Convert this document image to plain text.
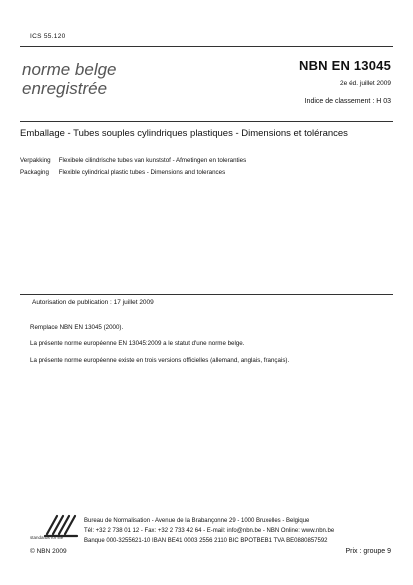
ICS 55.120
norme belge
enregistrée
NBN EN 13045
2e éd. juillet 2009
Indice de classement : H 03
Emballage - Tubes souples cylindriques plastiques - Dimensions et tolérances
Verpakking Flexibele cilindrische tubes van kunststof - Afmetingen en toleranties
Packaging Flexible cylindrical plastic tubes - Dimensions and tolerances
Autorisation de publication : 17 juillet 2009
Remplace NBN EN 13045 (2000).
La présente norme européenne EN 13045:2009 a le statut d'une norme belge.
La présente norme européenne existe en trois versions officielles (allemand, anglais, français).
standards for life
Bureau de Normalisation - Avenue de la Brabançonne 29 - 1000 Bruxelles - Belgique
Tél: +32 2 738 01 12 - Fax: +32 2 733 42 64 - E-mail: info@nbn.be - NBN Online: www.nbn.be
Banque 000-3255621-10 IBAN BE41 0003 2556 2110 BIC BPOTBEB1 TVA BE0880857592
© NBN 2009	Prix : groupe 9
